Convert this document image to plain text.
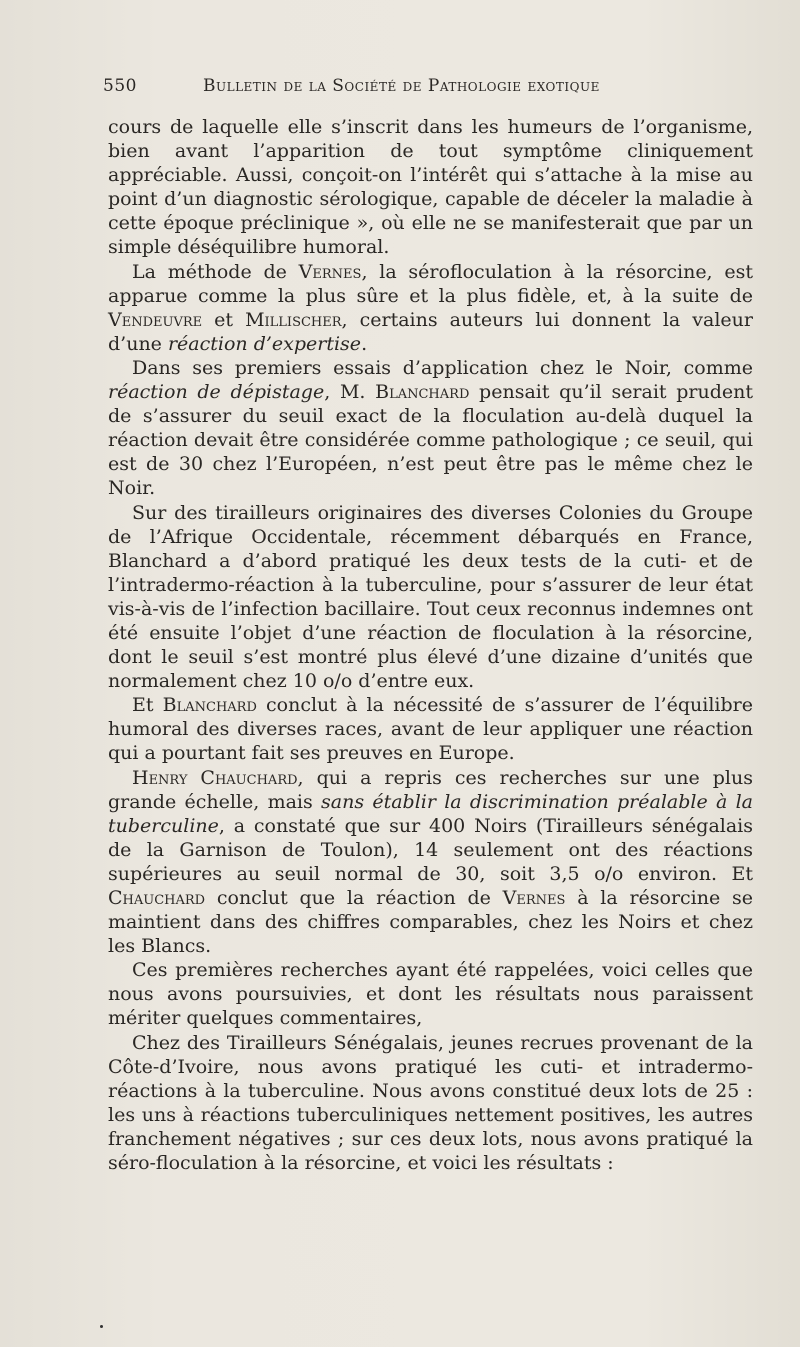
550	Bulletin de la Société de Pathologie exotique

cours de laquelle elle s’inscrit dans les humeurs de l’organisme, bien avant l’apparition de tout symptôme cliniquement appréciable. Aussi, conçoit-on l’intérêt qui s’attache à la mise au point d’un diagnostic sérologique, capable de déceler la maladie à cette époque préclinique », où elle ne se manifesterait que par un simple déséquilibre humoral.

La méthode de Vernes, la sérofloculation à la résorcine, est apparue comme la plus sûre et la plus fidèle, et, à la suite de Vendeuvre et Millischer, certains auteurs lui donnent la valeur d’une réaction d’expertise.

Dans ses premiers essais d’application chez le Noir, comme réaction de dépistage, M. Blanchard pensait qu’il serait prudent de s’assurer du seuil exact de la floculation au-delà duquel la réaction devait être considérée comme pathologique ; ce seuil, qui est de 30 chez l’Européen, n’est peut être pas le même chez le Noir.

Sur des tirailleurs originaires des diverses Colonies du Groupe de l’Afrique Occidentale, récemment débarqués en France, Blanchard a d’abord pratiqué les deux tests de la cuti- et de l’intradermo-réaction à la tuberculine, pour s’assurer de leur état vis-à-vis de l’infection bacillaire. Tout ceux reconnus indemnes ont été ensuite l’objet d’une réaction de floculation à la résorcine, dont le seuil s’est montré plus élevé d’une dizaine d’unités que normalement chez 10 o/o d’entre eux.

Et Blanchard conclut à la nécessité de s’assurer de l’équilibre humoral des diverses races, avant de leur appliquer une réaction qui a pourtant fait ses preuves en Europe.

Henry Chauchard, qui a repris ces recherches sur une plus grande échelle, mais sans établir la discrimination préalable à la tuberculine, a constaté que sur 400 Noirs (Tirailleurs sénégalais de la Garnison de Toulon), 14 seulement ont des réactions supérieures au seuil normal de 30, soit 3,5 o/o environ. Et Chauchard conclut que la réaction de Vernes à la résorcine se maintient dans des chiffres comparables, chez les Noirs et chez les Blancs.

Ces premières recherches ayant été rappelées, voici celles que nous avons poursuivies, et dont les résultats nous paraissent mériter quelques commentaires,

Chez des Tirailleurs Sénégalais, jeunes recrues provenant de la Côte-d’Ivoire, nous avons pratiqué les cuti- et intradermo-réactions à la tuberculine. Nous avons constitué deux lots de 25 : les uns à réactions tuberculiniques nettement positives, les autres franchement négatives ; sur ces deux lots, nous avons pratiqué la séro-floculation à la résorcine, et voici les résultats :
